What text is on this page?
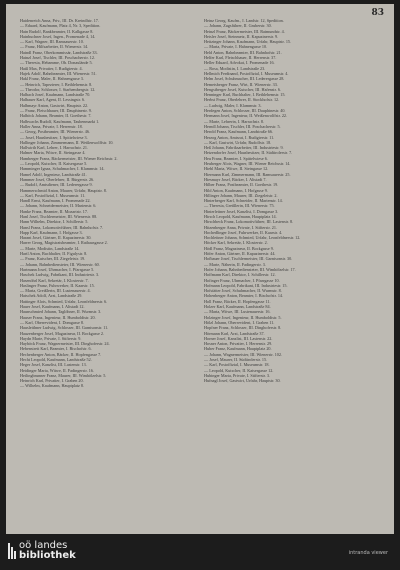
83

Haidenreich Anna, Priv., III. Dr. Kreindlstr. 17.

— Eduard, Kaufmann, Platz 4, Nr. 3, Spedition.

Hain Rudolf, Bankbeamter, II. Kalkgasse 8.

Hainbuchner Josef, Ingen., Promenade 4, 14.

— Karl, Wagner, III. Ramsauerstr. 10.

— Franz, Hilfsarbeiter, II. Wienerstr. 14.

Haindl Franz, Oberkommissär, Landstraße 33.

Hainzl Josef, Tischler, III. Poschacherstr. 12.

— Theresia, Hebamme, Ob. Donaulände 5.

Haiß Max, Privatier, I. Rudigierstr. 4.

Hajek Adolf, Bahnbeamter, III. Wienerstr. 51.

Hakl Franz, Maler, II. Hahnengasse 3.

— Heinrich, Tapezierer, I. Bethlehemstr. 8.

— Theodor, Schlosser, I. Starhembergstr. 12.

Halbach Josef, Kaufmann, Landstraße 70.

Halbauer Karl, Agent, II. Lessingstr. 6.

Halbmayr Anton, Gastwirt, Hauptstr. 22.

— Franz, Fleischhauer, III. Dauphinestr. 9.

Halböck Johann, Beamter, II. Goethestr. 7.

Halbwachs Rudolf, Kaufmann, Taubenmarkt 1.

Haller Anna, Private, I. Herrenstr. 18.

— Georg, Postbeamter, III. Wienerstr. 46.

— Josef, Hausbesitzer, I. Spittelwiese 3.

Hallinger Johann, Zimmermann, II. Weißenwolffstr. 10.

Hallwirth Karl, Lehrer, I. Harrachstr. 21.

Halmer Maria, Witwe, II. Steingasse 4.

Hamberger Franz, Bäckermeister, III. Wiener Reichsstr. 2.

— Leopold, Kutscher, II. Kaisergasse 5.

Hamminger Ignaz, Schuhmacher, I. Klammstr. 14.

Hamel Adolf, Ingenieur, Landstraße 41.

Hammer Josef, Oberlehrer, II. Bürgerstr. 26.

— Rudolf, Amtsdiener, III. Lederergasse 9.

Hammerschmid Anton, Maurer, Urfahr, Hauptstr. 8.

— Karl, Postoffizial, I. Museumstr. 11.

Handl Ernst, Kaufmann, I. Promenade 22.

— Johann, Schneidermeister, II. Marienstr. 6.

Hanke Franz, Beamter, II. Mozartstr. 17.

Hanl Josef, Tischlermeister, III. Wienerstr. 88.

Hann Wilhelm, Direktor, I. Schillerstr. 5.

Hansl Franz, Lokomotivführer, III. Bahnhofstr. 7.

Happ Karl, Kaufmann, I. Hofgasse 3.

Harant Josef, Gärtner, II. Kapuzinerstr. 30.

Harrer Georg, Magistratsbeamter, I. Rathausgasse 2.

— Marie, Modistin, Landstraße 14.

Hartl Anton, Buchhalter, II. Figulystr. 8.

— Franz, Kutscher, III. Ziegeleistr. 19.

— Johann, Bahnbediensteter, III. Wienerstr. 60.

Hartmann Josef, Uhrmacher, I. Pfarrgasse 5.

Haschek Ludwig, Fabrikant, III. Industriestr. 3.

Hasenöhrl Karl, Sekretär, I. Klosterstr. 7.

Haslinger Franz, Fuhrwerker, II. Kaarstr. 15.

— Maria, Greißlerin, III. Lustenauerstr. 4.

Hatschek Adolf, Arzt, Landstraße 29.

Hattinger Alois, Schmied, Urfahr, Leonfeldnerstr. 6.

Hauer Josef, Kaufmann, I. Altstadt 12.

Haunschmied Johann, Taglöhner, II. Wurmstr. 3.

Hauser Franz, Ingenieur, II. Humboldtstr. 20.

— Karl, Oberrevident, I. Domgasse 8.

Hausleithner Ludwig, Schlosser, III. Garnisonstr. 11.

Hauzenberger Josef, Magazineur, II. Bockgasse 2.

Haydn Marie, Private, I. Stifterstr. 9.

Hayböck Franz, Wagnermeister, III. Dinghoferstr. 24.

Hebenstreit Karl, Beamter, I. Bischofstr. 6.

Hechenberger Anton, Bäcker, II. Hopfengasse 7.

Hecht Leopold, Kaufmann, Landstraße 52.

Heger Josef, Kanzlist, III. Lastenstr. 13.

Heidinger Maria, Witwe, II. Fadingerstr. 16.

Heilingbrunner Franz, Maurer, III. Wimhölzelstr. 5.

Heinrich Karl, Privatier, I. Graben 20.

— Wilhelm, Kaufmann, Hauptplatz 8.

Heinz Georg, Kaufm., I. Landstr. 12, Spedition.

— Johann, Zugsführer, II. Gruberstr. 30.

Heinzl Franz, Bäckermeister, III. Raimundstr. 4.

Heisler Josef, Steinmetz, II. Kapuzinerstr. 9.

Heitzinger Johann, Kaufmann, Urfahr, Hauptstr. 15.

— Maria, Private, I. Hahnengasse 10.

Held Anton, Bahnbeamter, III. Bahnhofstr. 21.

Helfer Karl, Fleischhauer, II. Herrenstr. 37.

Heller Eduard, Advokat, I. Promenade 16.

— Rosa, Modistin, I. Landstraße 23.

Hellmich Ferdinand, Postoffizial, I. Museumstr. 4.

Helm Josef, Schuhmacher, III. Lederergasse 28.

Hemetsberger Franz, Wirt, II. Wienerstr. 33.

Hengstberger Josef, Kutscher, III. Hafenstr. 6.

Henninger Karl, Buchhalter, I. Bethlehemstr. 15.

Herbst Franz, Oberlehrer, II. Stockhofstr. 12.

— Ludwig, Maler, I. Klammstr. 3.

Herdegen Anton, Schlosser, III. Dauphinestr. 40.

Hermann Josef, Ingenieur, II. Weißenwolffstr. 22.

— Marie, Lehrerin, I. Harrachstr. 8.

Herndl Johann, Tischler, III. Poschacherstr. 5.

Herold Franz, Kaufmann, Landstraße 66.

Herzog Anton, Amtsrat, I. Rudigierstr. 11.

— Karl, Gastwirt, Urfahr, Rudolfstr. 18.

Heß Johann, Fabriksarbeiter, III. Industriestr. 9.

Hetzendorfer Josef, Hausbesitzer, II. Südtirolerstr. 7.

Heu Franz, Beamter, I. Spittelwiese 6.

Heuberger Alois, Wagner, III. Wiener Reichsstr. 14.

Hiebl Maria, Witwe, II. Steingasse 12.

Hiermann Karl, Zimmermann, III. Ramsauerstr. 25.

Hiesmayr Josef, Bäcker, I. Altstadt 7.

Hilber Franz, Postbeamter, II. Goethestr. 19.

Hild Anton, Kaufmann, I. Hofgasse 9.

Hillinger Johann, Maurer, III. Ziegeleistr. 2.

Hinterberger Karl, Schneider, II. Marienstr. 14.

— Theresia, Greißlerin, III. Wienerstr. 75.

Hinterleitner Josef, Kanzlist, I. Domgasse 3.

Hirsch Leopold, Kaufmann, Hauptplatz 14.

Hirschbeck Franz, Lokomotivführer, III. Lastenstr. 8.

Hitzenberger Anna, Private, I. Stifterstr. 21.

Hochedlinger Josef, Fuhrwerker, II. Kaarstr. 4.

Hochleitner Johann, Schmied, Urfahr, Leonfeldnerstr. 12.

Höcker Karl, Sekretär, I. Klosterstr. 2.

Hödl Franz, Magazineur, II. Bockgasse 9.

Höfer Anton, Gärtner, II. Kapuzinerstr. 44.

Hofbauer Josef, Tischlermeister, III. Garnisonstr. 30.

— Marie, Näherin, II. Fadingerstr. 3.

Hofer Johann, Bahnbediensteter, III. Wimhölzelstr. 17.

Hoffmann Karl, Direktor, I. Schillerstr. 12.

Hofinger Franz, Uhrmacher, I. Pfarrgasse 10.

Hofmann Leopold, Fabrikant, III. Industriestr. 15.

Hofstätter Josef, Schuhmacher, II. Wurmstr. 8.

Hohenberger Anton, Beamter, I. Bischofstr. 14.

Holl Franz, Bäcker, II. Hopfengasse 11.

Holzer Karl, Kaufmann, Landstraße 84.

— Maria, Witwe, III. Lustenauerstr. 16.

Holzinger Josef, Ingenieur, II. Humboldtstr. 5.

Hölzl Johann, Oberrevident, I. Graben 11.

Hopfner Franz, Schlosser, III. Dinghoferstr. 8.

Hörmann Karl, Arzt, Landstraße 37.

Horner Josef, Kanzlist, III. Lastenstr. 22.

Hosner Anton, Privatier, I. Herrenstr. 29.

Huber Franz, Kaufmann, Hauptplatz 20.

— Johann, Wagnermeister, III. Wienerstr. 102.

— Josef, Maurer, II. Südtirolerstr. 15.

— Karl, Postoffizial, I. Museumstr. 18.

— Leopold, Kutscher, II. Kaisergasse 12.

Hubinger Maria, Private, I. Stifterstr. 3.

Hufnagl Josef, Gastwirt, Urfahr, Hauptstr. 30.

oö landes
bibliothek	intranda viewer
